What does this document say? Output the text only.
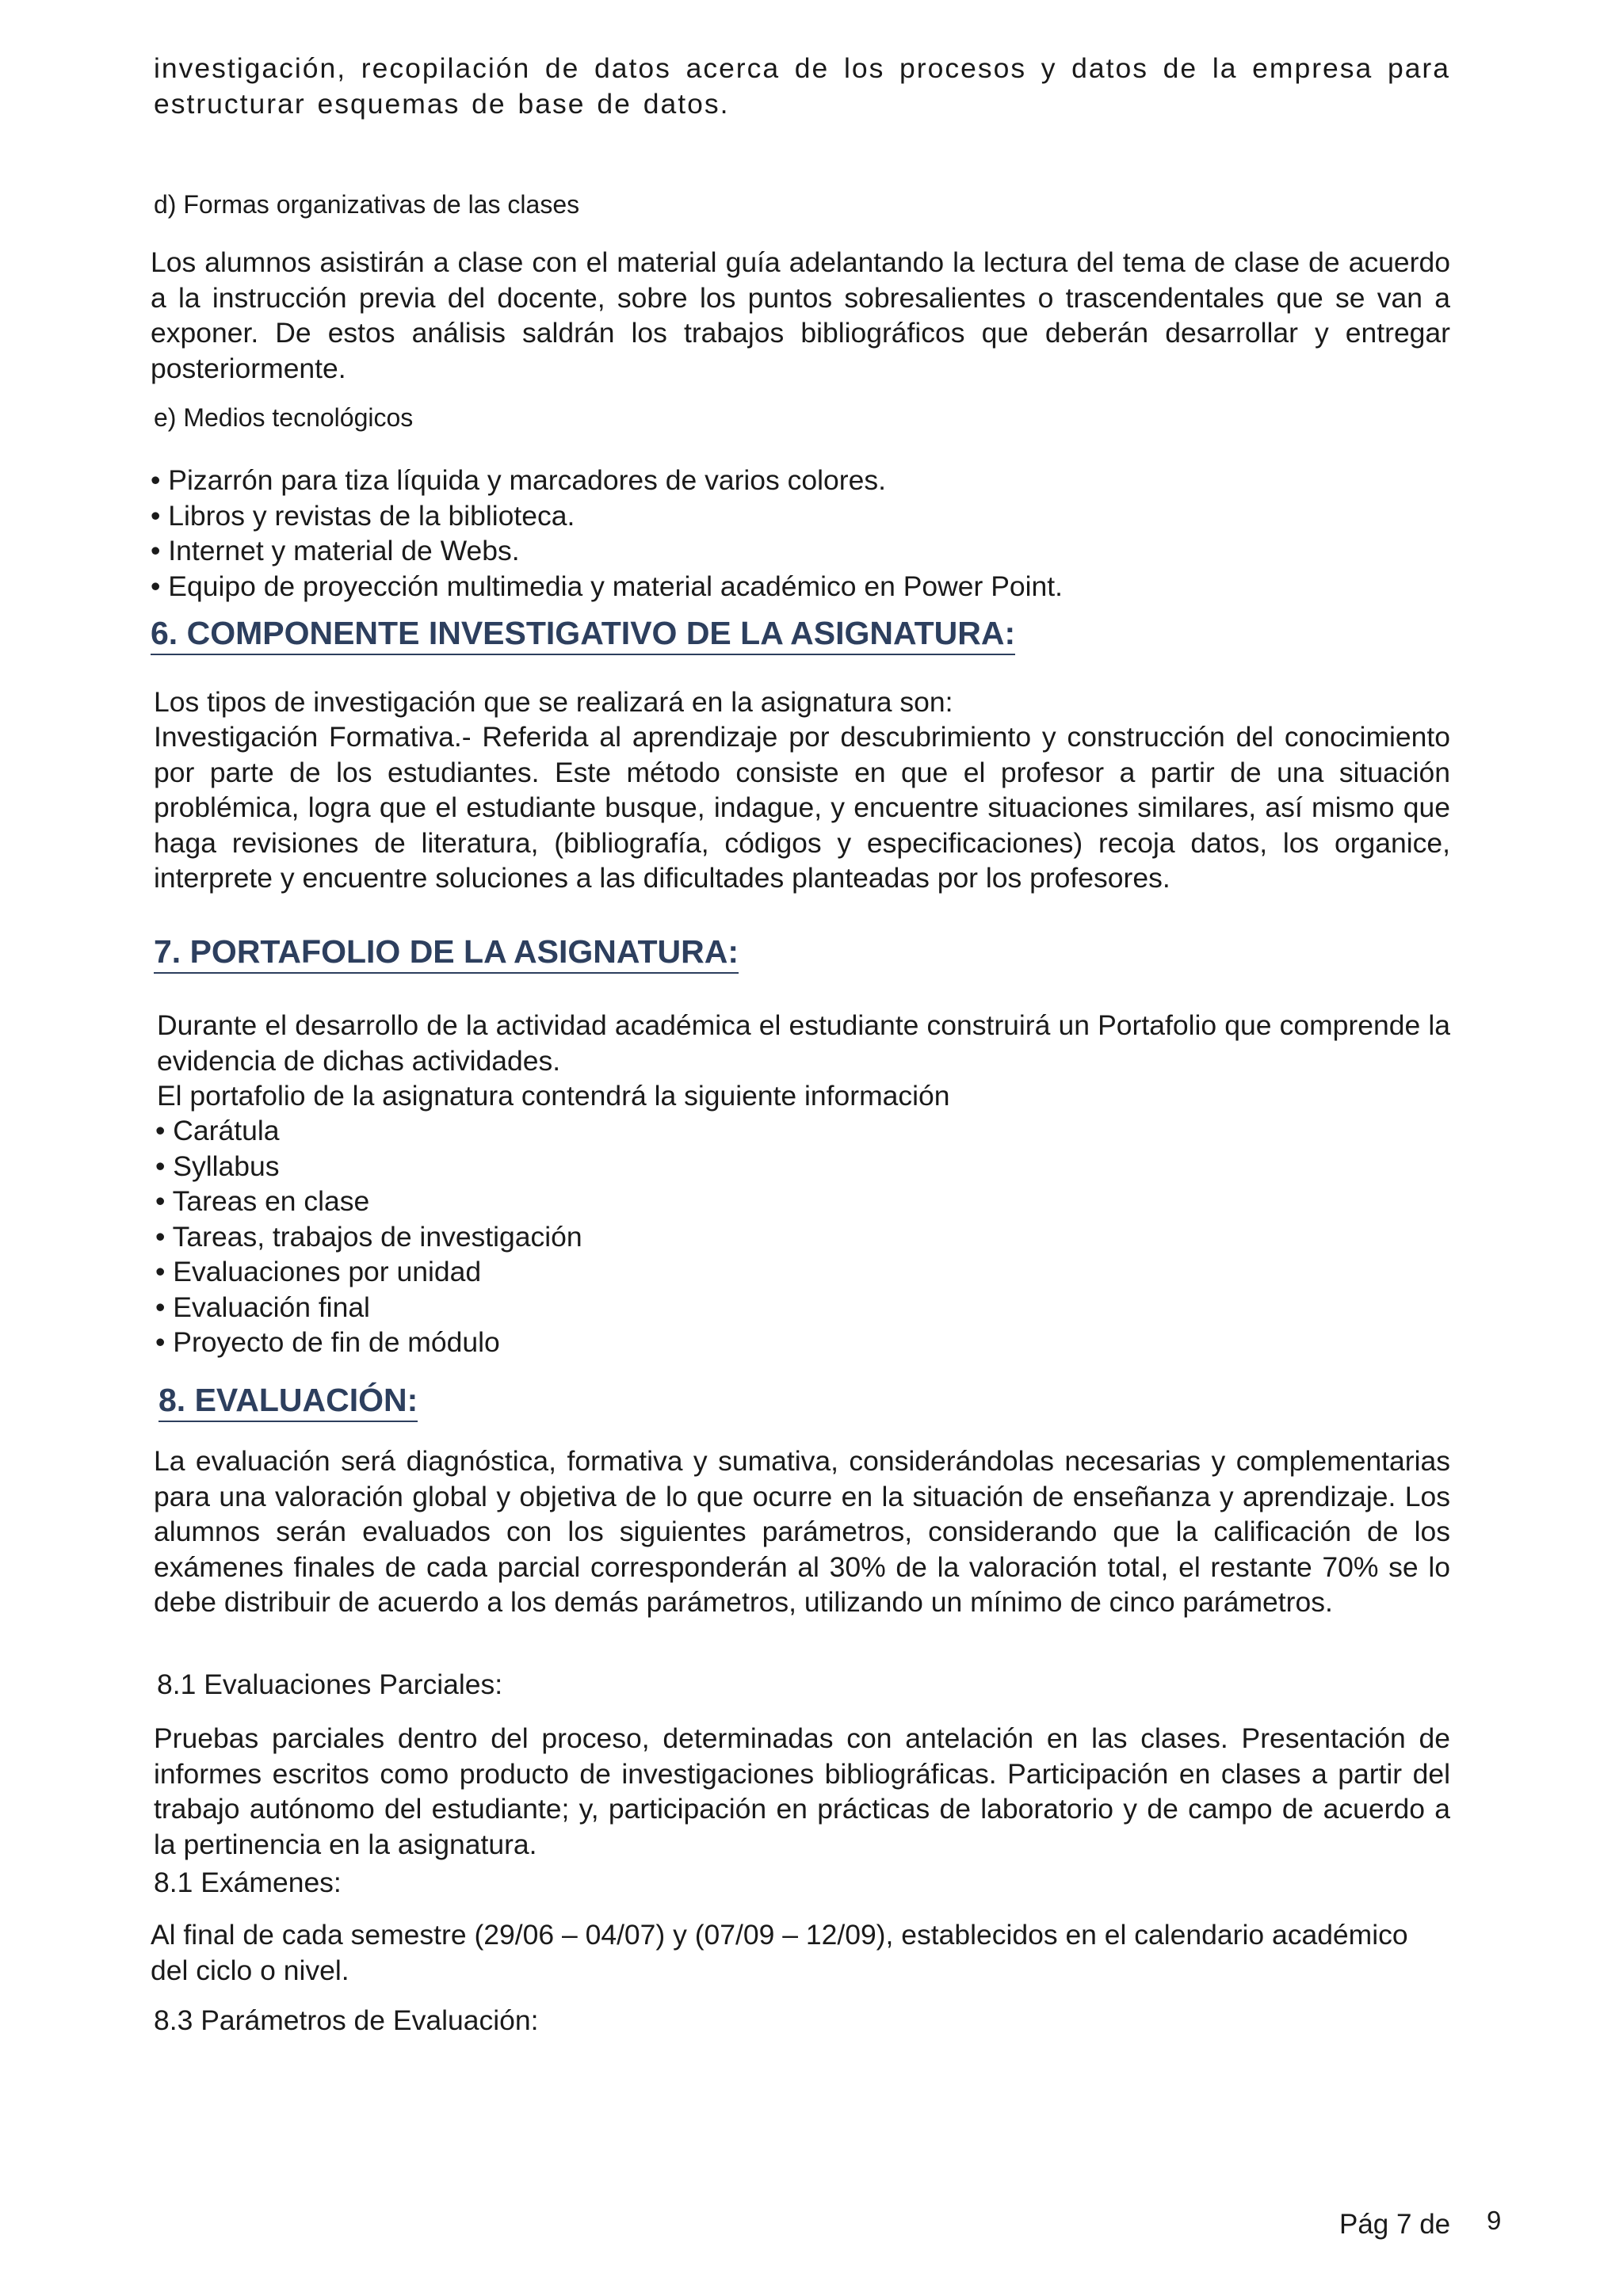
investigación, recopilación de datos acerca de los procesos y datos de la empresa para estructurar esquemas de base de datos.

d) Formas organizativas de las clases

Los alumnos asistirán a clase con el material guía adelantando la lectura del tema de clase de acuerdo a la instrucción previa del docente, sobre los puntos sobresalientes o trascendentales que se van a exponer. De estos análisis saldrán los trabajos bibliográficos que deberán desarrollar y entregar posteriormente.

e) Medios tecnológicos

• Pizarrón para tiza líquida y marcadores de varios colores.
• Libros y revistas de la biblioteca.
• Internet y material de Webs.
• Equipo de proyección multimedia y material académico en Power Point.
6. COMPONENTE INVESTIGATIVO DE LA ASIGNATURA:

Los tipos de investigación que se realizará en la asignatura son:

Investigación Formativa.- Referida al aprendizaje por descubrimiento y construcción del conocimiento por parte de los estudiantes. Este método consiste en que el profesor a partir de una situación problémica, logra que el estudiante busque, indague, y encuentre situaciones similares, así mismo que haga revisiones de literatura, (bibliografía, códigos y especificaciones) recoja datos, los organice, interprete y encuentre soluciones a las dificultades planteadas por los profesores.

7. PORTAFOLIO DE LA ASIGNATURA:

Durante el desarrollo de la actividad académica el estudiante construirá un Portafolio que comprende la evidencia de dichas actividades.

El portafolio de la asignatura contendrá la siguiente información

• Carátula
• Syllabus
• Tareas en clase
• Tareas, trabajos de investigación
• Evaluaciones por unidad
• Evaluación final
• Proyecto de fin de módulo
8. EVALUACIÓN:

La evaluación será diagnóstica, formativa y sumativa, considerándolas necesarias y complementarias para una valoración global y objetiva de lo que ocurre en la situación de enseñanza y aprendizaje. Los alumnos serán evaluados con los siguientes parámetros, considerando que la calificación de los exámenes finales de cada parcial corresponderán al 30% de la valoración total, el restante 70% se lo debe distribuir de acuerdo a los demás parámetros, utilizando un mínimo de cinco parámetros.

8.1 Evaluaciones Parciales:

Pruebas parciales dentro del proceso, determinadas con antelación en las clases. Presentación de informes escritos como producto de investigaciones bibliográficas. Participación en clases a partir del trabajo autónomo del estudiante; y, participación en prácticas de laboratorio y de campo de acuerdo a la pertinencia en la asignatura.

8.1 Exámenes:

Al final de cada semestre (29/06 – 04/07) y (07/09 – 12/09), establecidos en el calendario académico del ciclo o nivel.

8.3 Parámetros de Evaluación:

Pág 7 de 9
